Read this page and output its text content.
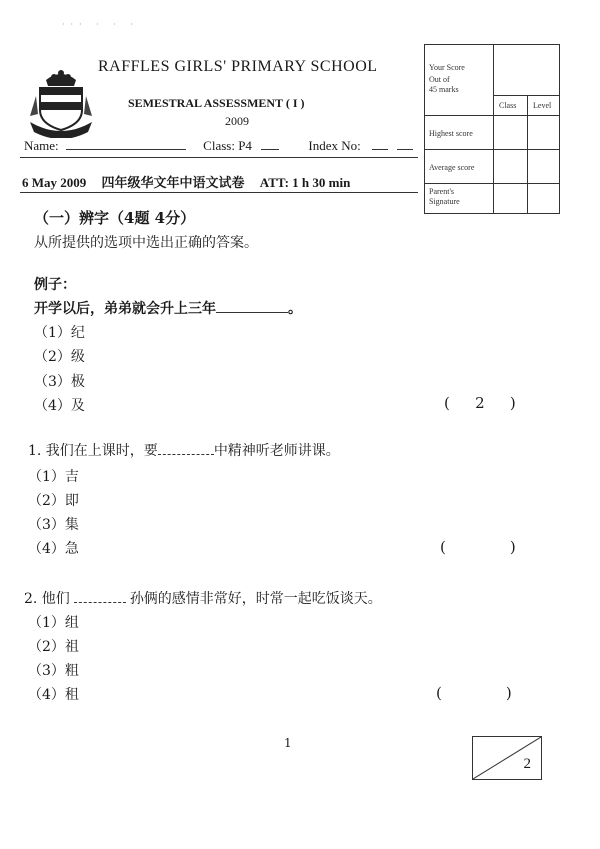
··· · · ·
RAFFLES GIRLS' PRIMARY SCHOOL
SEMESTRAL ASSESSMENT ( I )
2009
Name:	Class: P4	Index No:
6 May 2009 四年级华文年中语文试卷 ATT: 1 h 30 min
Your Score
Out of
45 marks
Class Level
Highest score
Average score
Parent's
Signature
（一）辨字（4题 4分）
从所提供的选项中选出正确的答案。
例子：
开学以后，弟弟就会升上三年	。
（1）纪
（2）级
（3）极
（4）及	( 2 )
1. 我们在上课时，要	中精神听老师讲课。
（1）吉
（2）即
（3）集
（4）急	(	)
2. 他们	孙俩的感情非常好，时常一起吃饭谈天。
（1）组
（2）祖
（3）粗
（4）租	(	)
1
2
